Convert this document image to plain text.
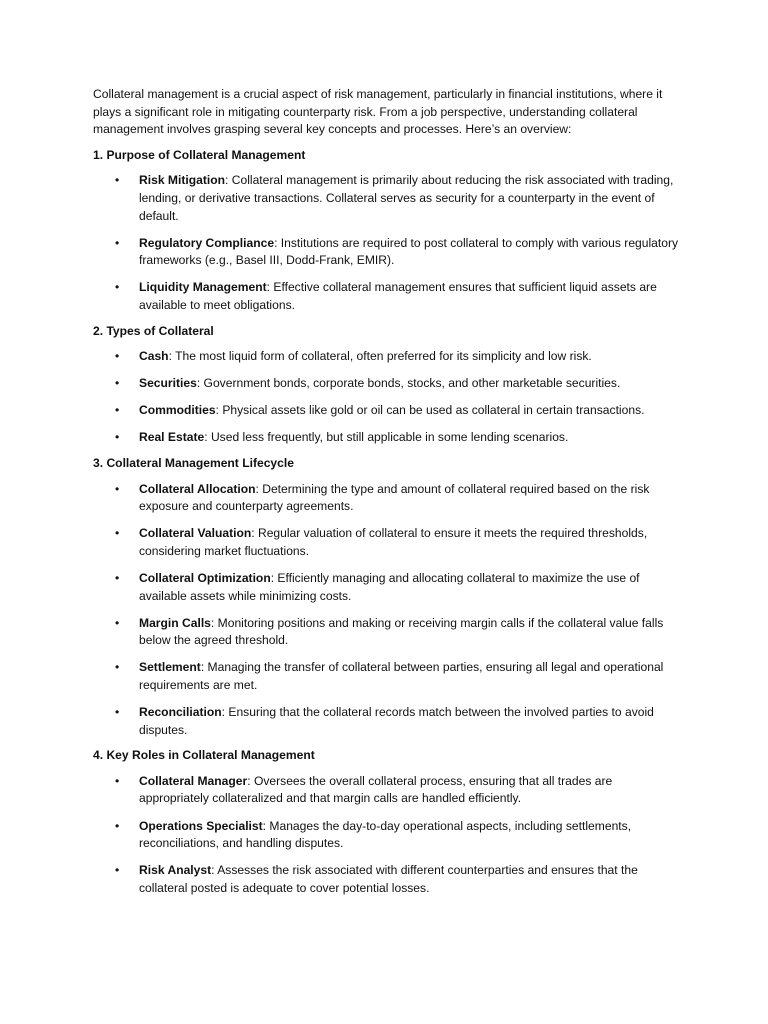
Collateral management is a crucial aspect of risk management, particularly in financial institutions, where it plays a significant role in mitigating counterparty risk. From a job perspective, understanding collateral management involves grasping several key concepts and processes. Here’s an overview:

1. Purpose of Collateral Management
• Risk Mitigation: Collateral management is primarily about reducing the risk associated with trading, lending, or derivative transactions. Collateral serves as security for a counterparty in the event of default.
• Regulatory Compliance: Institutions are required to post collateral to comply with various regulatory frameworks (e.g., Basel III, Dodd-Frank, EMIR).
• Liquidity Management: Effective collateral management ensures that sufficient liquid assets are available to meet obligations.
2. Types of Collateral
• Cash: The most liquid form of collateral, often preferred for its simplicity and low risk.
• Securities: Government bonds, corporate bonds, stocks, and other marketable securities.
• Commodities: Physical assets like gold or oil can be used as collateral in certain transactions.
• Real Estate: Used less frequently, but still applicable in some lending scenarios.
3. Collateral Management Lifecycle
• Collateral Allocation: Determining the type and amount of collateral required based on the risk exposure and counterparty agreements.
• Collateral Valuation: Regular valuation of collateral to ensure it meets the required thresholds, considering market fluctuations.
• Collateral Optimization: Efficiently managing and allocating collateral to maximize the use of available assets while minimizing costs.
• Margin Calls: Monitoring positions and making or receiving margin calls if the collateral value falls below the agreed threshold.
• Settlement: Managing the transfer of collateral between parties, ensuring all legal and operational requirements are met.
• Reconciliation: Ensuring that the collateral records match between the involved parties to avoid disputes.
4. Key Roles in Collateral Management
• Collateral Manager: Oversees the overall collateral process, ensuring that all trades are appropriately collateralized and that margin calls are handled efficiently.
• Operations Specialist: Manages the day-to-day operational aspects, including settlements, reconciliations, and handling disputes.
• Risk Analyst: Assesses the risk associated with different counterparties and ensures that the collateral posted is adequate to cover potential losses.
